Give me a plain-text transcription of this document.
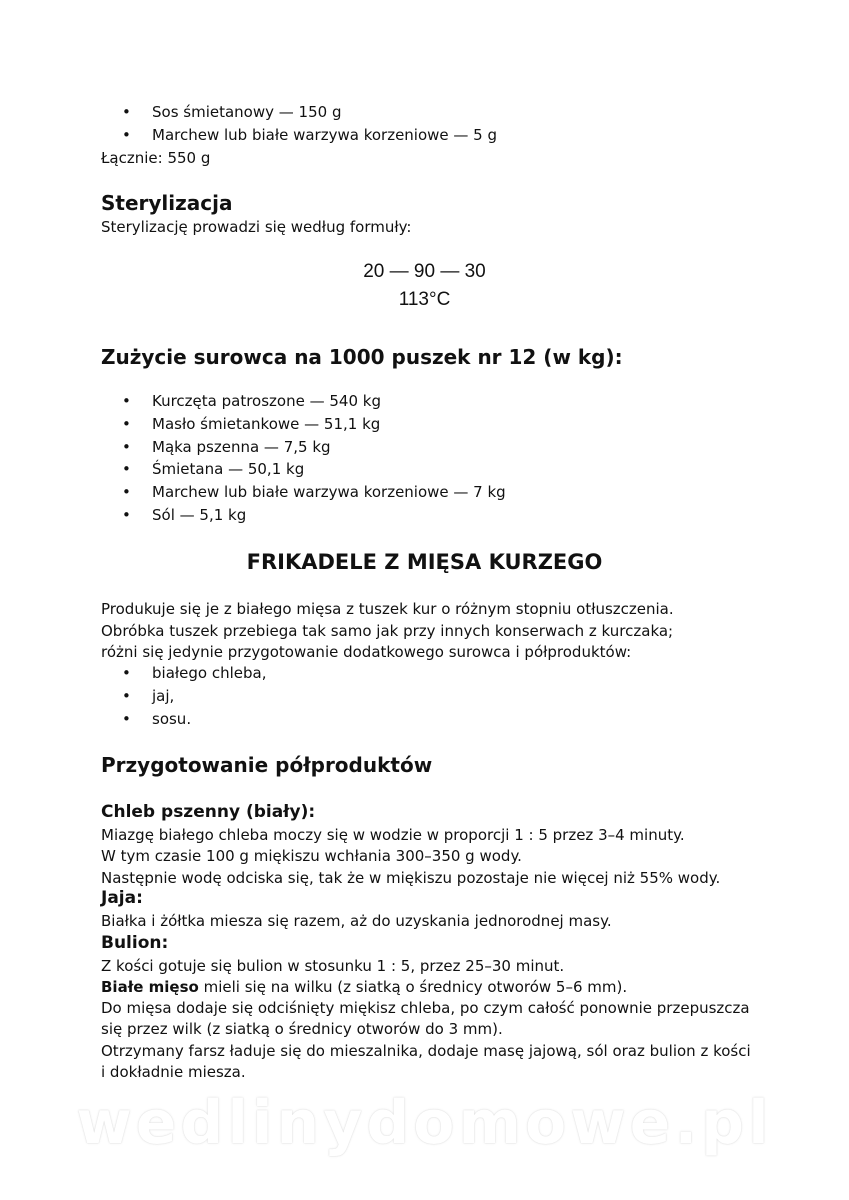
• Sos śmietanowy — 150 g
• Marchew lub białe warzywa korzeniowe — 5 g
Łącznie: 550 g
Sterylizacja
Sterylizację prowadzi się według formuły:
20 — 90 — 30
113°C
Zużycie surowca na 1000 puszek nr 12 (w kg):
• Kurczęta patroszone — 540 kg
• Masło śmietankowe — 51,1 kg
• Mąka pszenna — 7,5 kg
• Śmietana — 50,1 kg
• Marchew lub białe warzywa korzeniowe — 7 kg
• Sól — 5,1 kg
FRIKADELE Z MIĘSA KURZEGO
Produkuje się je z białego mięsa z tuszek kur o różnym stopniu otłuszczenia.
Obróbka tuszek przebiega tak samo jak przy innych konserwach z kurczaka;
różni się jedynie przygotowanie dodatkowego surowca i półproduktów:
• białego chleba,
• jaj,
• sosu.
Przygotowanie półproduktów
Chleb pszenny (biały):
Miazgę białego chleba moczy się w wodzie w proporcji 1 : 5 przez 3–4 minuty.
W tym czasie 100 g miękiszu wchłania 300–350 g wody.
Następnie wodę odciska się, tak że w miękiszu pozostaje nie więcej niż 55% wody.
Jaja:
Białka i żółtka miesza się razem, aż do uzyskania jednorodnej masy.
Bulion:
Z kości gotuje się bulion w stosunku 1 : 5, przez 25–30 minut.
Białe mięso mieli się na wilku (z siatką o średnicy otworów 5–6 mm).
Do mięsa dodaje się odciśnięty miękisz chleba, po czym całość ponownie przepuszcza
się przez wilk (z siatką o średnicy otworów do 3 mm).
Otrzymany farsz ładuje się do mieszalnika, dodaje masę jajową, sól oraz bulion z kości
i dokładnie miesza.
wedlinydomowe.pl
